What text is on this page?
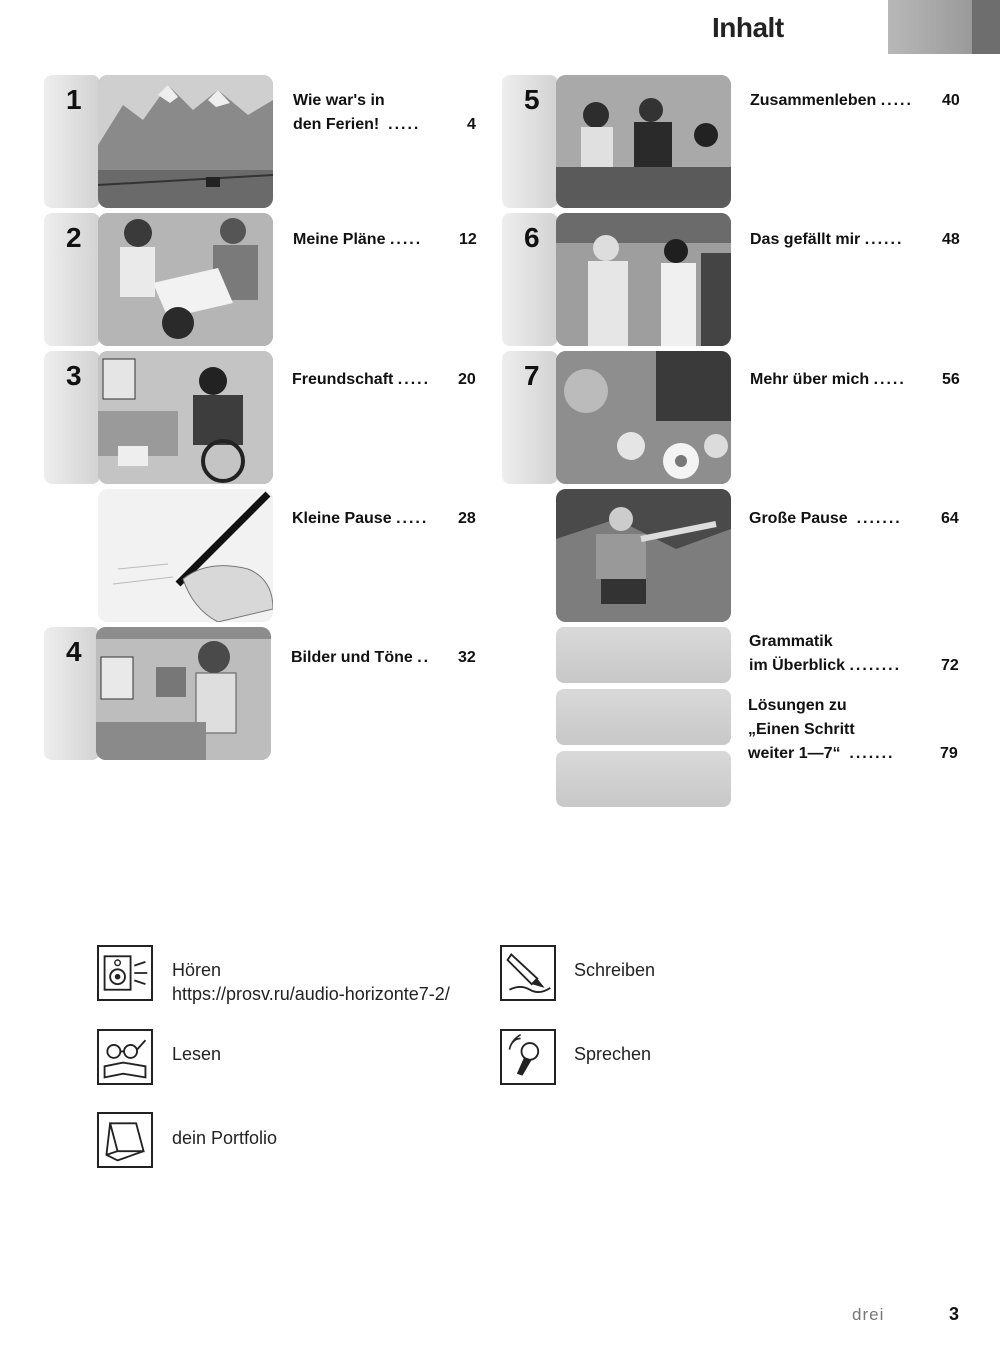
Inhalt
1	Wie war's in
den Ferien! .....	4
2	Meine Pläne ..... 12
3	Freundschaft ..... 20
Kleine Pause ..... 28
4	Bilder und Töne .. 32
5	Zusammenleben ..... 40
6	Das gefällt mir ...... 48
7	Mehr über mich ..... 56
Große Pause ....... 64
Grammatik
im Überblick ........ 72
Lösungen zu
„Einen Schritt
weiter 1—7“ .......	79
Hören
https://prosv.ru/audio-horizonte7-2/
Schreiben
Lesen	Sprechen
dein Portfolio
drei	3
